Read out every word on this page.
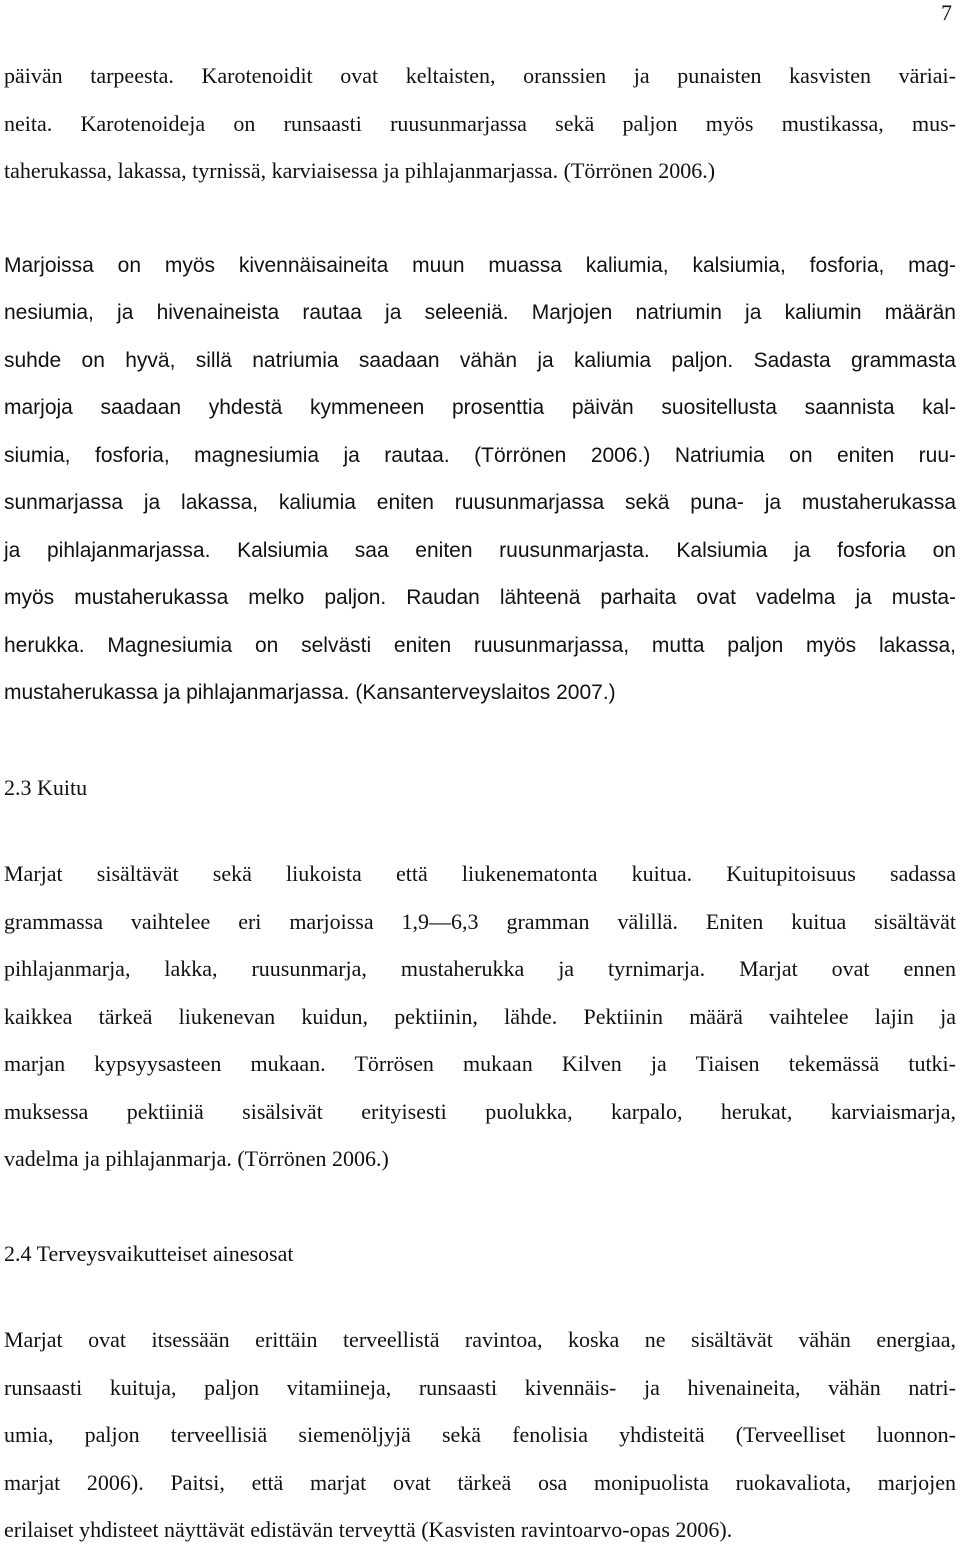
7
päivän tarpeesta. Karotenoidit ovat keltaisten, oranssien ja punaisten kasvisten väriai-
neita. Karotenoideja on runsaasti ruusunmarjassa sekä paljon myös mustikassa, mus-
taherukassa, lakassa, tyrnissä, karviaisessa ja pihlajanmarjassa. (Törrönen 2006.)
Marjoissa on myös kivennäisaineita muun muassa kaliumia, kalsiumia, fosforia, mag-
nesiumia, ja hivenaineista rautaa ja seleeniä. Marjojen natriumin ja kaliumin määrän
suhde on hyvä, sillä natriumia saadaan vähän ja kaliumia paljon. Sadasta grammasta
marjoja saadaan yhdestä kymmeneen prosenttia päivän suositellusta saannista kal-
siumia, fosforia, magnesiumia ja rautaa. (Törrönen 2006.) Natriumia on eniten ruu-
sunmarjassa ja lakassa, kaliumia eniten ruusunmarjassa sekä puna- ja mustaherukassa
ja pihlajanmarjassa. Kalsiumia saa eniten ruusunmarjasta. Kalsiumia ja fosforia on
myös mustaherukassa melko paljon. Raudan lähteenä parhaita ovat vadelma ja musta-
herukka. Magnesiumia on selvästi eniten ruusunmarjassa, mutta paljon myös lakassa,
mustaherukassa ja pihlajanmarjassa. (Kansanterveyslaitos 2007.)
2.3 Kuitu
Marjat sisältävät sekä liukoista että liukenematonta kuitua. Kuitupitoisuus sadassa
grammassa vaihtelee eri marjoissa 1,9—6,3 gramman välillä. Eniten kuitua sisältävät
pihlajanmarja, lakka, ruusunmarja, mustaherukka ja tyrnimarja. Marjat ovat ennen
kaikkea tärkeä liukenevan kuidun, pektiinin, lähde. Pektiinin määrä vaihtelee lajin ja
marjan kypsyysasteen mukaan. Törrösen mukaan Kilven ja Tiaisen tekemässä tutki-
muksessa pektiiniä sisälsivät erityisesti puolukka, karpalo, herukat, karviaismarja,
vadelma ja pihlajanmarja. (Törrönen 2006.)
2.4 Terveysvaikutteiset ainesosat
Marjat ovat itsessään erittäin terveellistä ravintoa, koska ne sisältävät vähän energiaa,
runsaasti kuituja, paljon vitamiineja, runsaasti kivennäis- ja hivenaineita, vähän natri-
umia, paljon terveellisiä siemenöljyjä sekä fenolisia yhdisteitä (Terveelliset luonnon-
marjat 2006). Paitsi, että marjat ovat tärkeä osa monipuolista ruokavaliota, marjojen
erilaiset yhdisteet näyttävät edistävän terveyttä (Kasvisten ravintoarvo-opas 2006).
